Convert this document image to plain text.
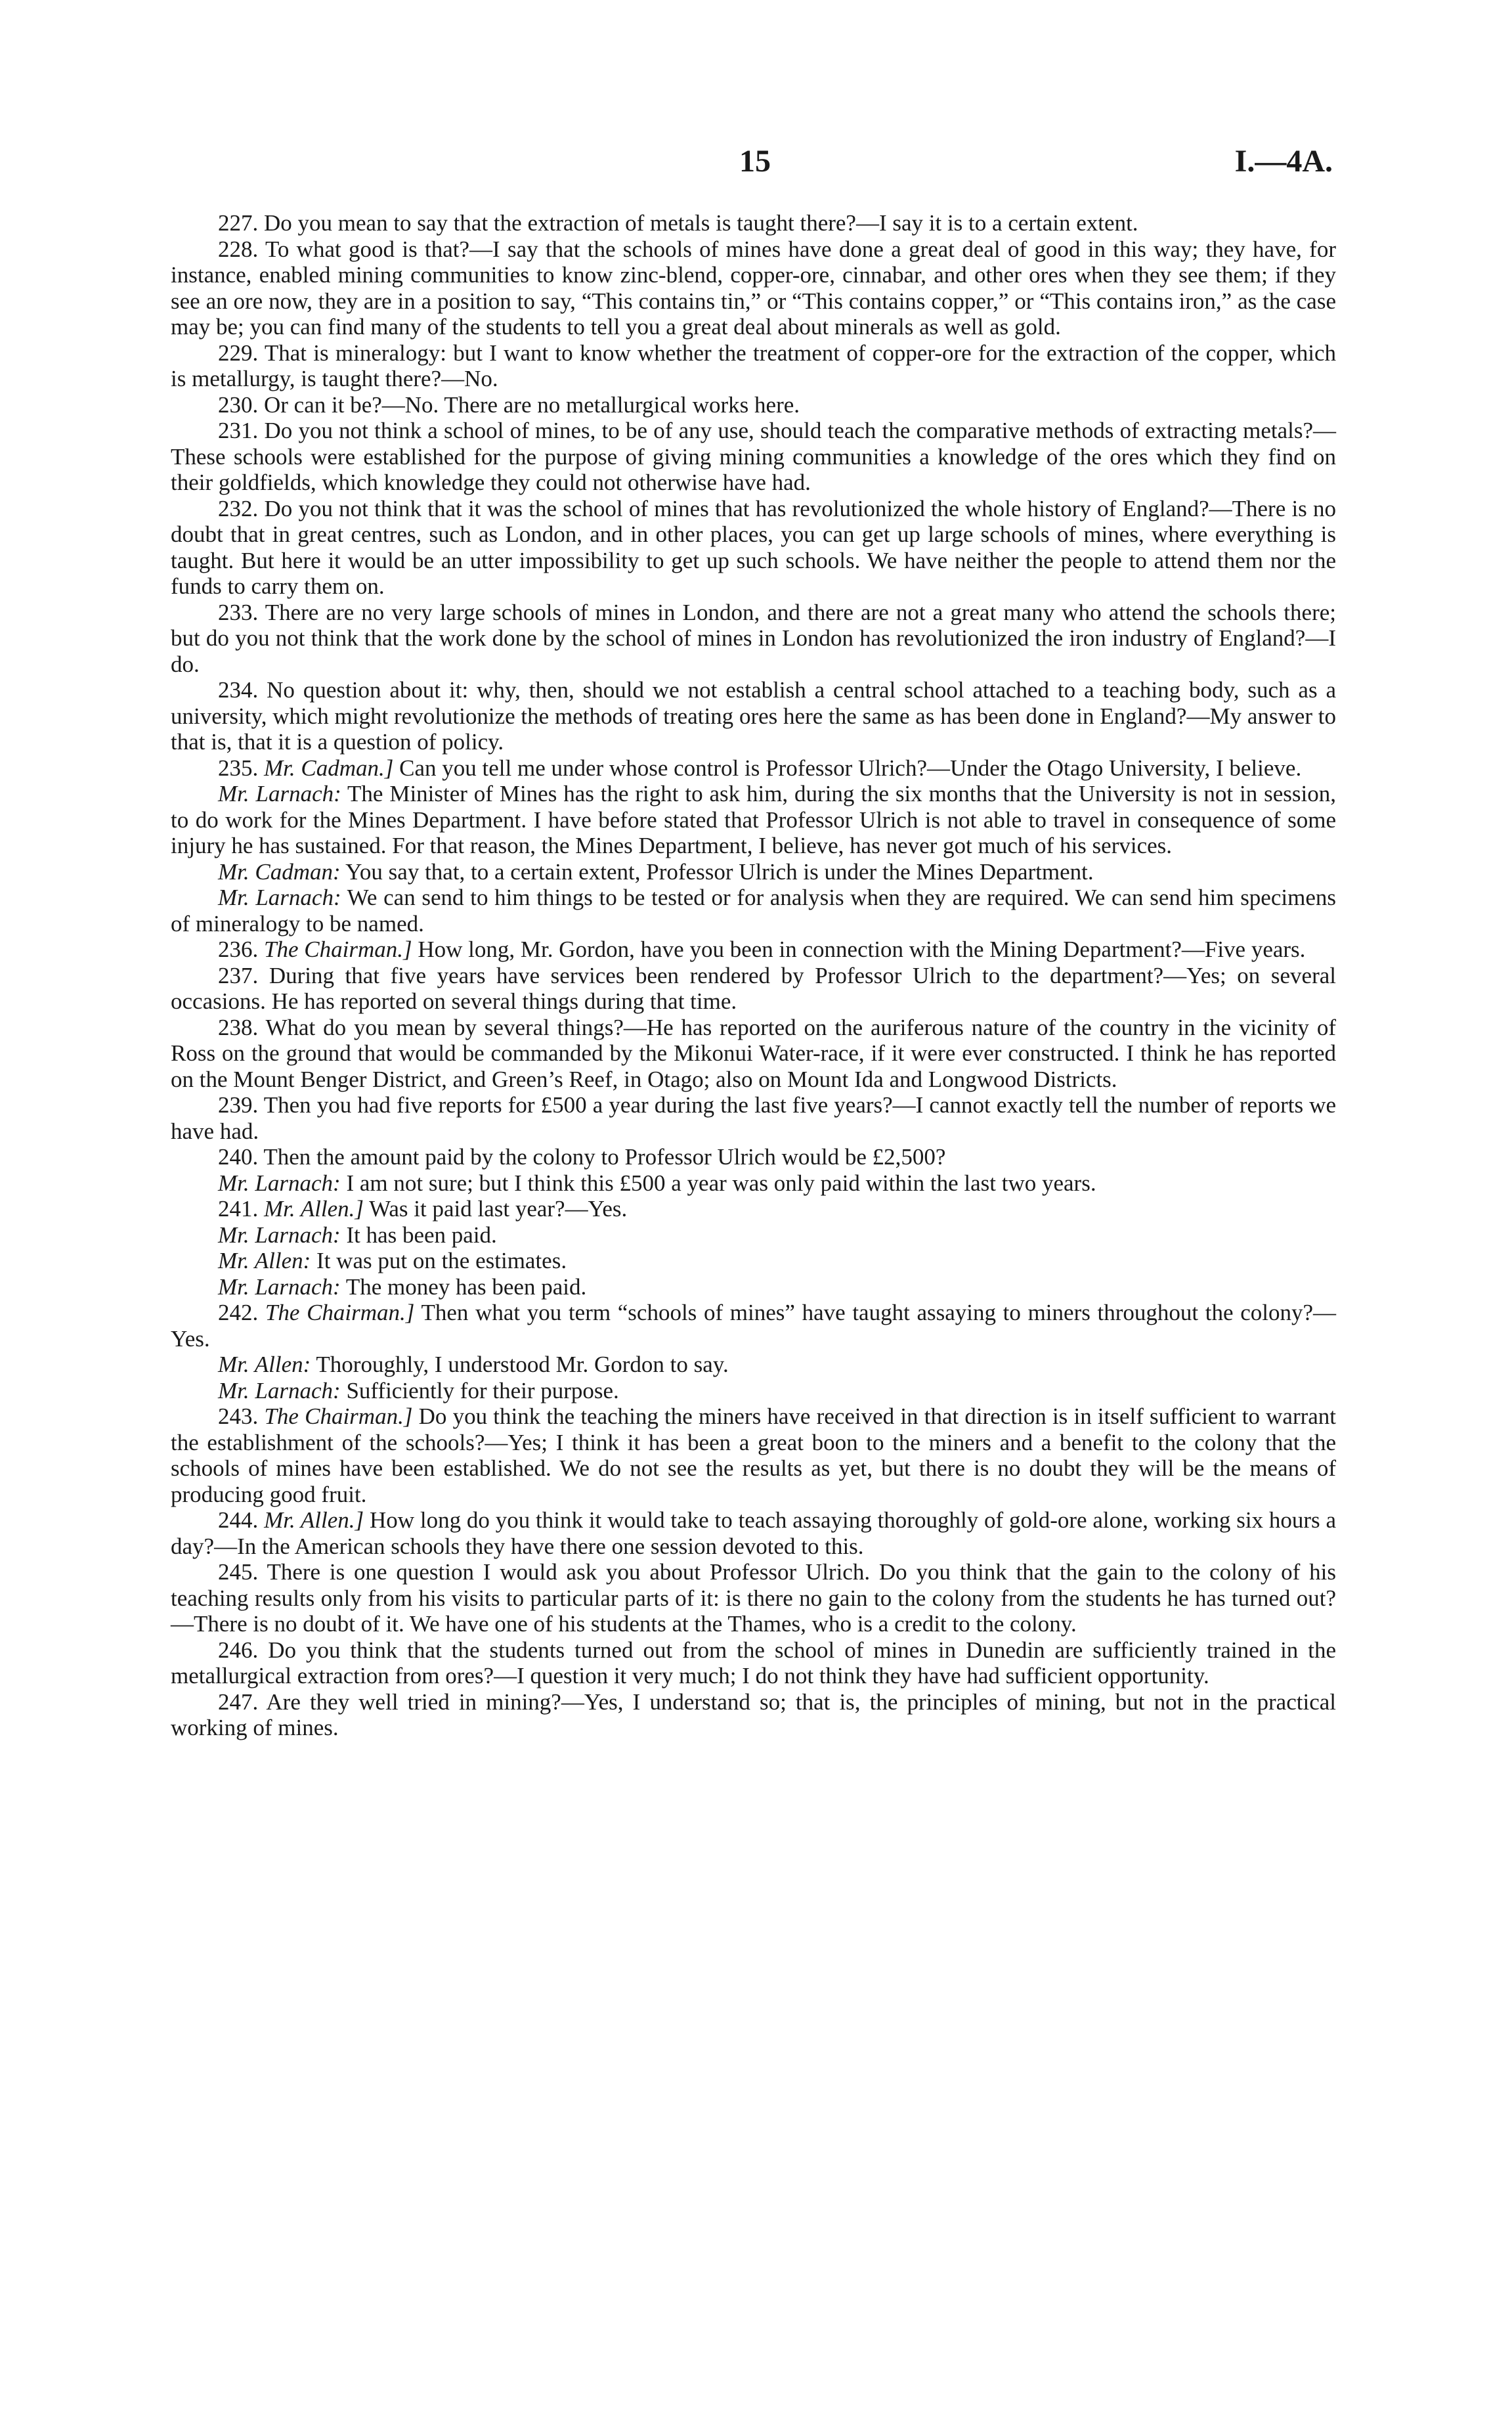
15	I.—4A.

227. Do you mean to say that the extraction of metals is taught there?—I say it is to a certain extent.

228. To what good is that?—I say that the schools of mines have done a great deal of good in this way; they have, for instance, enabled mining communities to know zinc-blend, copper-ore, cinnabar, and other ores when they see them; if they see an ore now, they are in a position to say, “This contains tin,” or “This contains copper,” or “This contains iron,” as the case may be; you can find many of the students to tell you a great deal about minerals as well as gold.

229. That is mineralogy: but I want to know whether the treatment of copper-ore for the extraction of the copper, which is metallurgy, is taught there?—No.

230. Or can it be?—No. There are no metallurgical works here.

231. Do you not think a school of mines, to be of any use, should teach the comparative methods of extracting metals?—These schools were established for the purpose of giving mining communities a knowledge of the ores which they find on their goldfields, which knowledge they could not otherwise have had.

232. Do you not think that it was the school of mines that has revolutionized the whole history of England?—There is no doubt that in great centres, such as London, and in other places, you can get up large schools of mines, where everything is taught. But here it would be an utter impossibility to get up such schools. We have neither the people to attend them nor the funds to carry them on.

233. There are no very large schools of mines in London, and there are not a great many who attend the schools there; but do you not think that the work done by the school of mines in London has revolutionized the iron industry of England?—I do.

234. No question about it: why, then, should we not establish a central school attached to a teaching body, such as a university, which might revolutionize the methods of treating ores here the same as has been done in England?—My answer to that is, that it is a question of policy.

235. Mr. Cadman.] Can you tell me under whose control is Professor Ulrich?—Under the Otago University, I believe.

Mr. Larnach: The Minister of Mines has the right to ask him, during the six months that the University is not in session, to do work for the Mines Department. I have before stated that Professor Ulrich is not able to travel in consequence of some injury he has sustained. For that reason, the Mines Department, I believe, has never got much of his services.

Mr. Cadman: You say that, to a certain extent, Professor Ulrich is under the Mines Department.

Mr. Larnach: We can send to him things to be tested or for analysis when they are required. We can send him specimens of mineralogy to be named.

236. The Chairman.] How long, Mr. Gordon, have you been in connection with the Mining Department?—Five years.

237. During that five years have services been rendered by Professor Ulrich to the department?—Yes; on several occasions. He has reported on several things during that time.

238. What do you mean by several things?—He has reported on the auriferous nature of the country in the vicinity of Ross on the ground that would be commanded by the Mikonui Water-race, if it were ever constructed. I think he has reported on the Mount Benger District, and Green’s Reef, in Otago; also on Mount Ida and Longwood Districts.

239. Then you had five reports for £500 a year during the last five years?—I cannot exactly tell the number of reports we have had.

240. Then the amount paid by the colony to Professor Ulrich would be £2,500?

Mr. Larnach: I am not sure; but I think this £500 a year was only paid within the last two years.

241. Mr. Allen.] Was it paid last year?—Yes.

Mr. Larnach: It has been paid.

Mr. Allen: It was put on the estimates.

Mr. Larnach: The money has been paid.

242. The Chairman.] Then what you term “schools of mines” have taught assaying to miners throughout the colony?—Yes.

Mr. Allen: Thoroughly, I understood Mr. Gordon to say.

Mr. Larnach: Sufficiently for their purpose.

243. The Chairman.] Do you think the teaching the miners have received in that direction is in itself sufficient to warrant the establishment of the schools?—Yes; I think it has been a great boon to the miners and a benefit to the colony that the schools of mines have been established. We do not see the results as yet, but there is no doubt they will be the means of producing good fruit.

244. Mr. Allen.] How long do you think it would take to teach assaying thoroughly of gold-ore alone, working six hours a day?—In the American schools they have there one session devoted to this.

245. There is one question I would ask you about Professor Ulrich. Do you think that the gain to the colony of his teaching results only from his visits to particular parts of it: is there no gain to the colony from the students he has turned out?—There is no doubt of it. We have one of his students at the Thames, who is a credit to the colony.

246. Do you think that the students turned out from the school of mines in Dunedin are sufficiently trained in the metallurgical extraction from ores?—I question it very much; I do not think they have had sufficient opportunity.

247. Are they well tried in mining?—Yes, I understand so; that is, the principles of mining, but not in the practical working of mines.
